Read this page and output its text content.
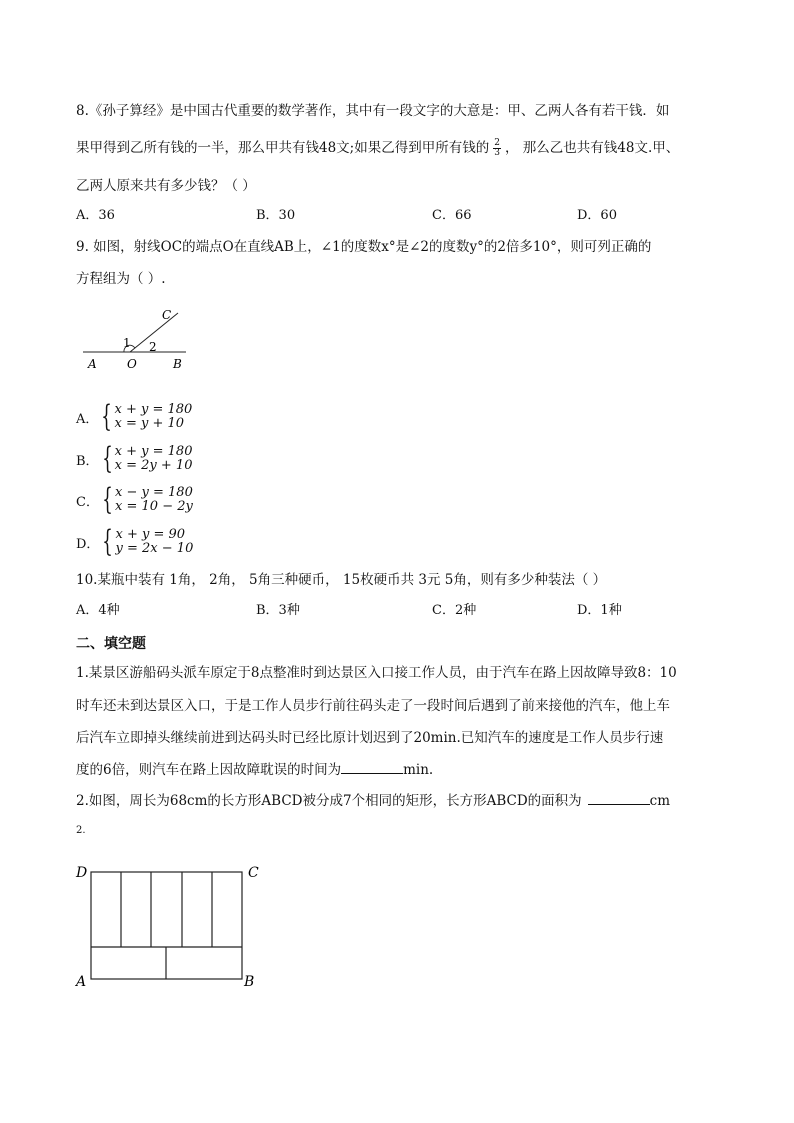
8.《孙子算经》是中国古代重要的数学著作，其中有一段文字的大意是：甲、乙两人各有若干钱．如
果甲得到乙所有钱的一半，那么甲共有钱48文;如果乙得到甲所有钱的 $\frac{2}{3}$ ， 那么乙也共有钱48文.甲、
乙两人原来共有多少钱？（ ）
A．36	B．30	C．66	D．60
9. 如图，射线OC的端点O在直线AB上，∠1的度数x°是∠2的度数y°的2倍多10°，则可列正确的
方程组为（ ）.
C
1 2
A	O	B
A． { x + y = 180
x = y + 10
B． { x + y = 180
x = 2y + 10
C． { x − y = 180
x = 10 − 2y
D． { x + y = 90
y = 2x − 10
10.某瓶中装有 1角， 2角， 5角三种硬币， 15枚硬币共 3元 5角，则有多少种装法（ ）
A．4种	B．3种	C．2种	D．1种
二、填空题
1.某景区游船码头派车原定于8点整准时到达景区入口接工作人员，由于汽车在路上因故障导致8：10
时车还未到达景区入口，于是工作人员步行前往码头走了一段时间后遇到了前来接他的汽车，他上车
后汽车立即掉头继续前进到达码头时已经比原计划迟到了20min.已知汽车的速度是工作人员步行速
度的6倍，则汽车在路上因故障耽误的时间为	min.
2.如图，周长为68cm的长方形ABCD被分成7个相同的矩形，长方形ABCD的面积为	cm
2.
D	C
A	B
